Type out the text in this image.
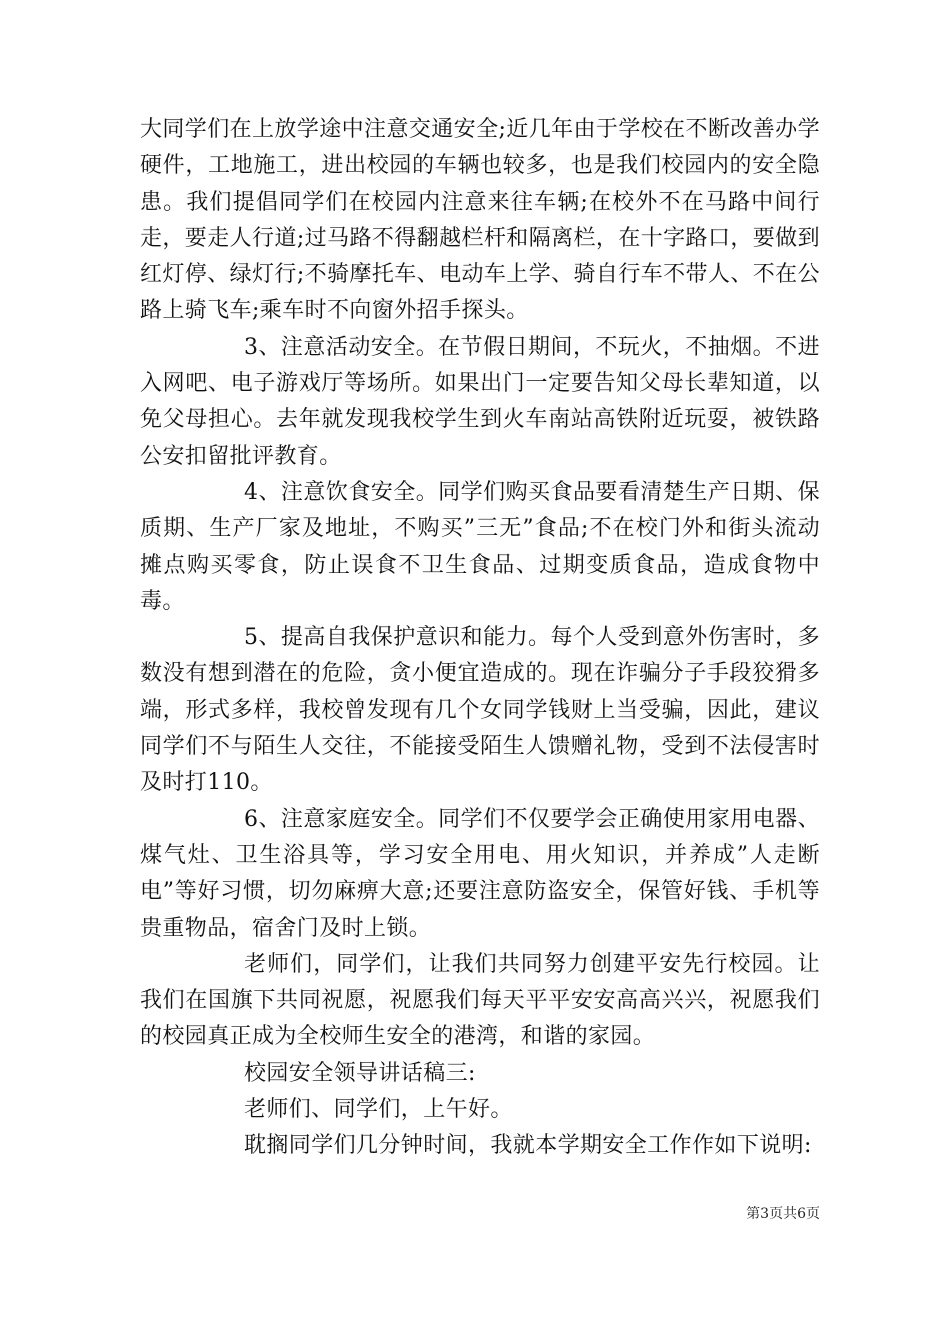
大同学们在上放学途中注意交通安全;近几年由于学校在不断改善办学硬件，工地施工，进出校园的车辆也较多，也是我们校园内的安全隐患。我们提倡同学们在校园内注意来往车辆;在校外不在马路中间行走，要走人行道;过马路不得翻越栏杆和隔离栏，在十字路口，要做到红灯停、绿灯行;不骑摩托车、电动车上学、骑自行车不带人、不在公路上骑飞车;乘车时不向窗外招手探头。

3、注意活动安全。在节假日期间，不玩火，不抽烟。不进入网吧、电子游戏厅等场所。如果出门一定要告知父母长辈知道，以免父母担心。去年就发现我校学生到火车南站高铁附近玩耍，被铁路公安扣留批评教育。

4、注意饮食安全。同学们购买食品要看清楚生产日期、保质期、生产厂家及地址，不购买”三无”食品;不在校门外和街头流动摊点购买零食，防止误食不卫生食品、过期变质食品，造成食物中毒。

5、提高自我保护意识和能力。每个人受到意外伤害时，多数没有想到潜在的危险，贪小便宜造成的。现在诈骗分子手段狡猾多端，形式多样，我校曾发现有几个女同学钱财上当受骗，因此，建议同学们不与陌生人交往，不能接受陌生人馈赠礼物，受到不法侵害时及时打110。

6、注意家庭安全。同学们不仅要学会正确使用家用电器、煤气灶、卫生浴具等，学习安全用电、用火知识，并养成”人走断电”等好习惯，切勿麻痹大意;还要注意防盗安全，保管好钱、手机等贵重物品，宿舍门及时上锁。

老师们，同学们，让我们共同努力创建平安先行校园。让我们在国旗下共同祝愿，祝愿我们每天平平安安高高兴兴，祝愿我们的校园真正成为全校师生安全的港湾，和谐的家园。

校园安全领导讲话稿三:

老师们、同学们，上午好。

耽搁同学们几分钟时间，我就本学期安全工作作如下说明:

第3页共6页
